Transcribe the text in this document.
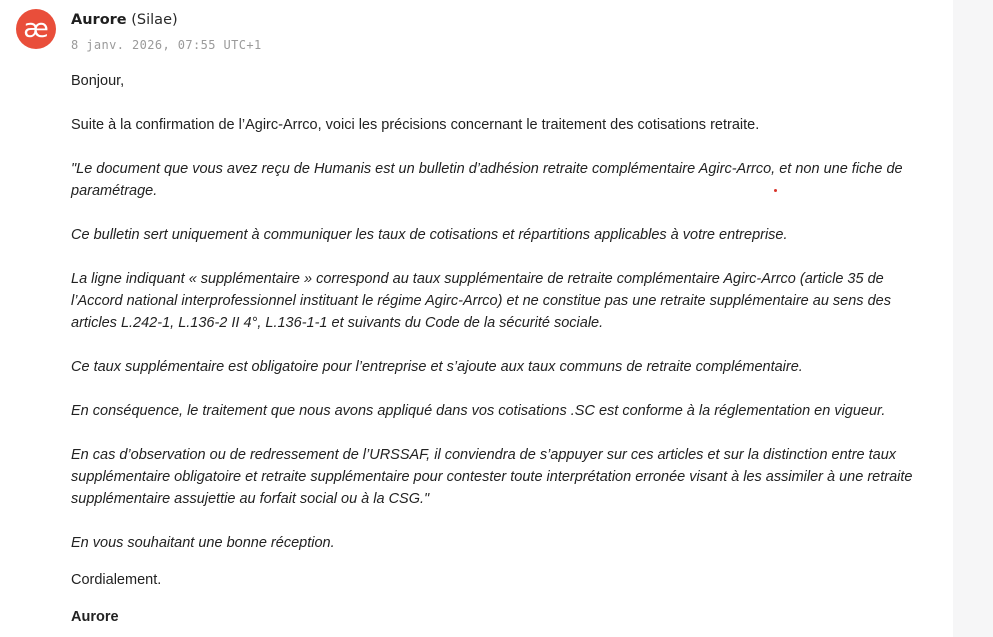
æ	Aurore (Silae)
8 janv. 2026, 07:55 UTC+1

Bonjour,

Suite à la confirmation de l’Agirc-Arrco, voici les précisions concernant le traitement des cotisations retraite.

"Le document que vous avez reçu de Humanis est un bulletin d’adhésion retraite complémentaire Agirc-Arrco, et non une fiche de paramétrage.

Ce bulletin sert uniquement à communiquer les taux de cotisations et répartitions applicables à votre entreprise.

La ligne indiquant « supplémentaire » correspond au taux supplémentaire de retraite complémentaire Agirc-Arrco (article 35 de l’Accord national interprofessionnel instituant le régime Agirc-Arrco) et ne constitue pas une retraite supplémentaire au sens des articles L.242-1, L.136-2 II 4°, L.136-1-1 et suivants du Code de la sécurité sociale.

Ce taux supplémentaire est obligatoire pour l’entreprise et s’ajoute aux taux communs de retraite complémentaire.

En conséquence, le traitement que nous avons appliqué dans vos cotisations .SC est conforme à la réglementation en vigueur.

En cas d’observation ou de redressement de l’URSSAF, il conviendra de s’appuyer sur ces articles et sur la distinction entre taux supplémentaire obligatoire et retraite supplémentaire pour contester toute interprétation erronée visant à les assimiler à une retraite supplémentaire assujettie au forfait social ou à la CSG."

En vous souhaitant une bonne réception.

Cordialement.

Aurore
